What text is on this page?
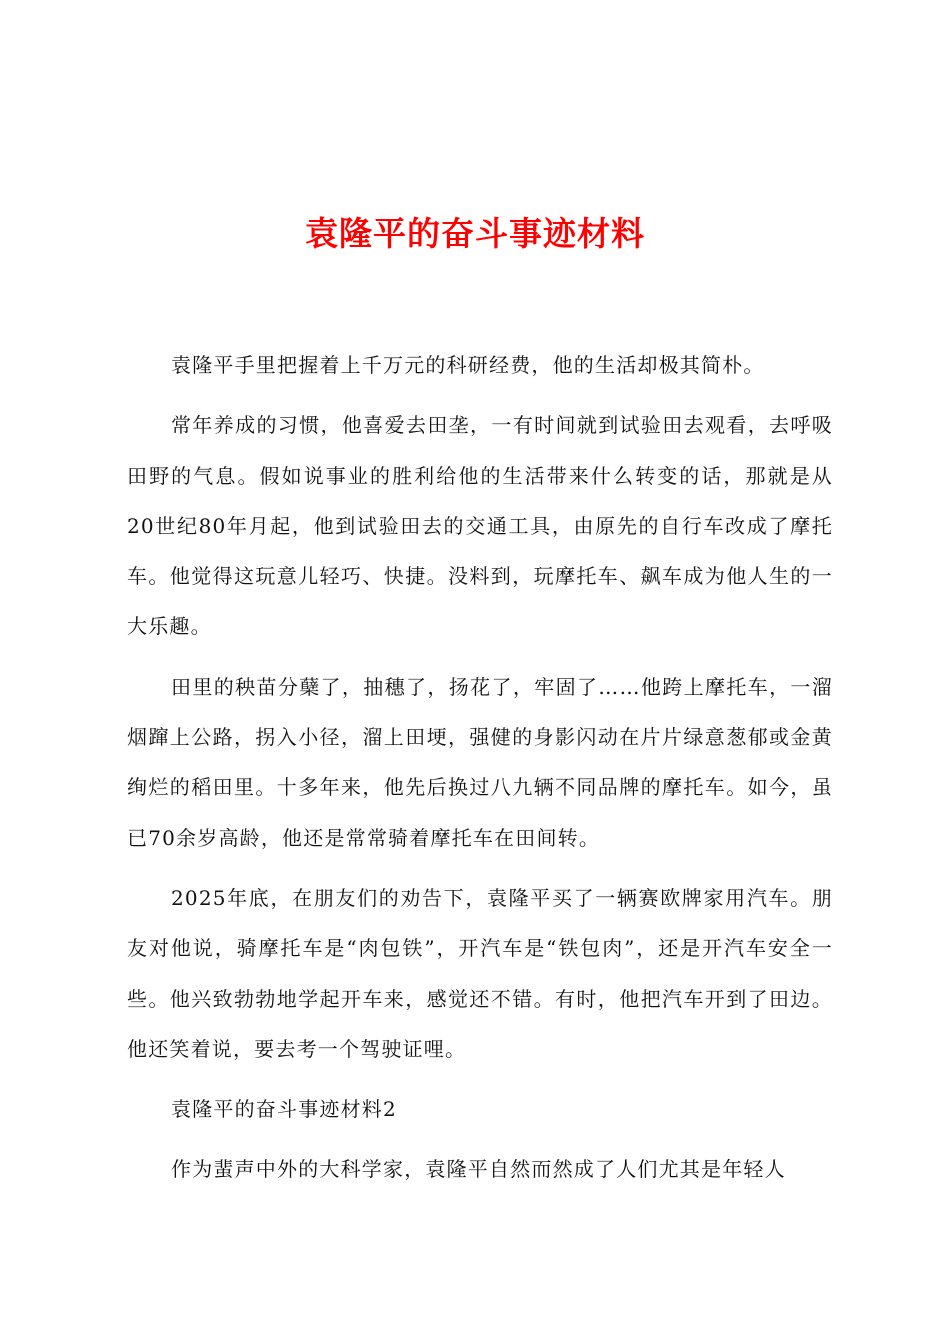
袁隆平的奋斗事迹材料

袁隆平手里把握着上千万元的科研经费，他的生活却极其简朴。

常年养成的习惯，他喜爱去田垄，一有时间就到试验田去观看，去呼吸田野的气息。假如说事业的胜利给他的生活带来什么转变的话，那就是从20世纪80年月起，他到试验田去的交通工具，由原先的自行车改成了摩托车。他觉得这玩意儿轻巧、快捷。没料到，玩摩托车、飙车成为他人生的一大乐趣。

田里的秧苗分蘖了，抽穗了，扬花了，牢固了……他跨上摩托车，一溜烟蹿上公路，拐入小径，溜上田埂，强健的身影闪动在片片绿意葱郁或金黄绚烂的稻田里。十多年来，他先后换过八九辆不同品牌的摩托车。如今，虽已70余岁高龄，他还是常常骑着摩托车在田间转。

2025年底，在朋友们的劝告下，袁隆平买了一辆赛欧牌家用汽车。朋友对他说，骑摩托车是“肉包铁”，开汽车是“铁包肉”，还是开汽车安全一些。他兴致勃勃地学起开车来，感觉还不错。有时，他把汽车开到了田边。他还笑着说，要去考一个驾驶证哩。

袁隆平的奋斗事迹材料2

作为蜚声中外的大科学家，袁隆平自然而然成了人们尤其是年轻人
